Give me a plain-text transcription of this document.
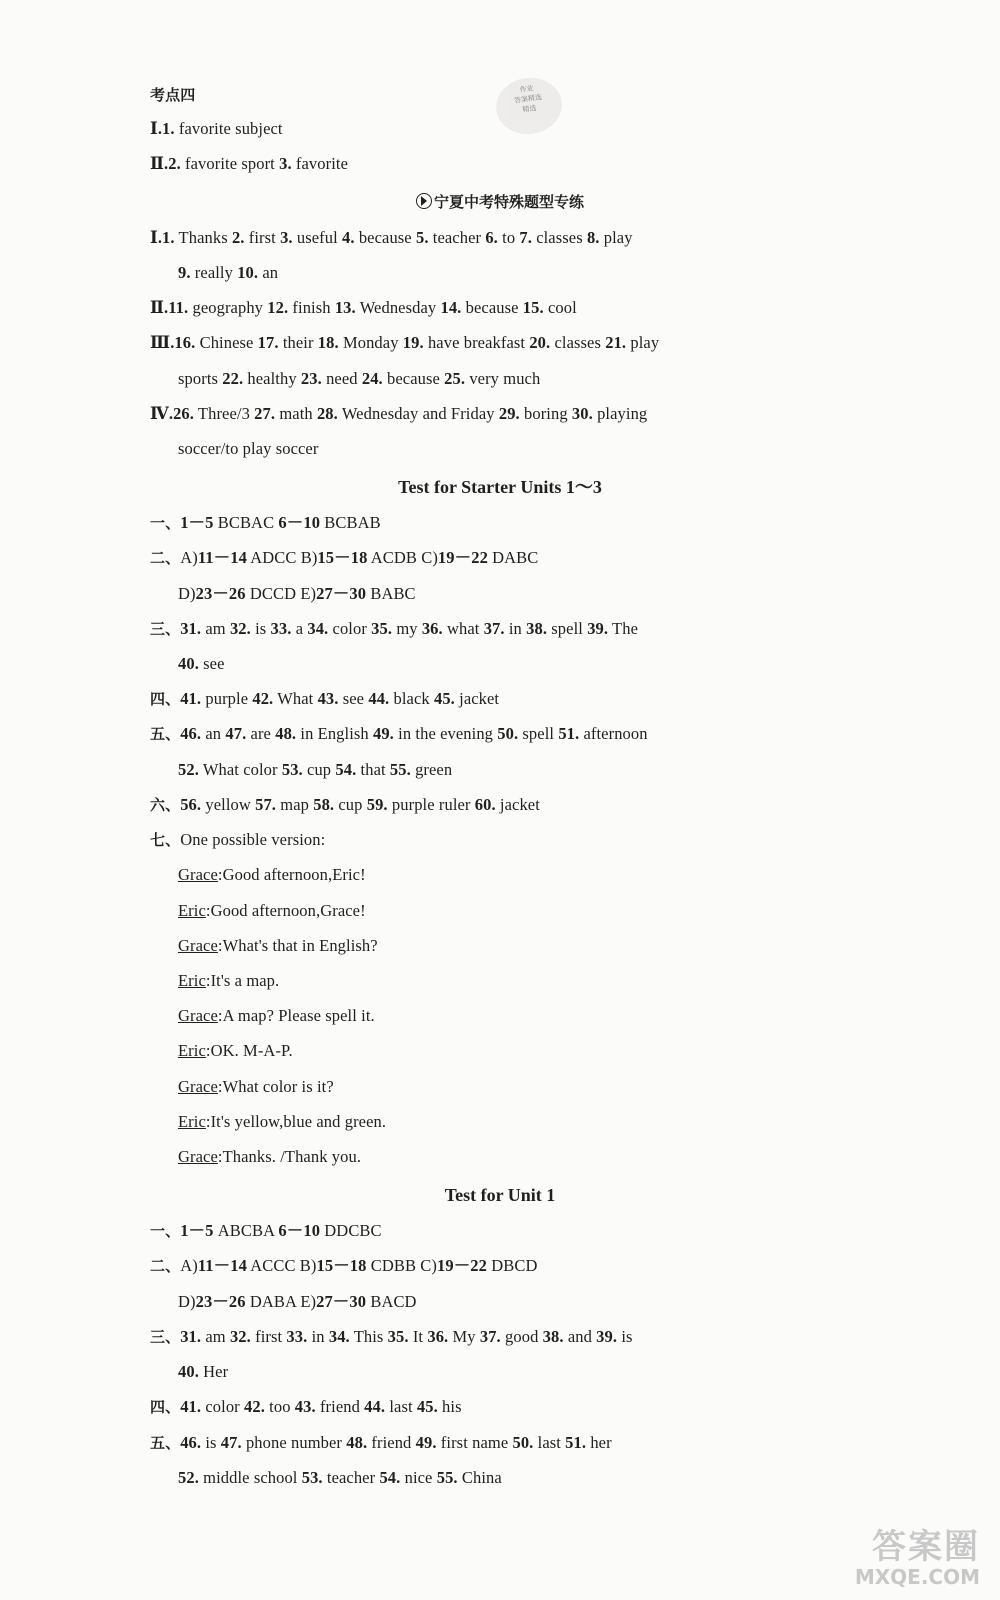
作业
答案精选
精选
考点四
Ⅰ.1. favorite subject
Ⅱ.2. favorite sport 3. favorite
宁夏中考特殊题型专练
Ⅰ.1. Thanks 2. first 3. useful 4. because 5. teacher 6. to 7. classes 8. play
9. really 10. an
Ⅱ.11. geography 12. finish 13. Wednesday 14. because 15. cool
Ⅲ.16. Chinese 17. their 18. Monday 19. have breakfast 20. classes 21. play
sports 22. healthy 23. need 24. because 25. very much
Ⅳ.26. Three/3 27. math 28. Wednesday and Friday 29. boring 30. playing
soccer/to play soccer
Test for Starter Units 1～3
一、1－5 BCBAC 6－10 BCBAB
二、A)11－14 ADCC B)15－18 ACDB C)19－22 DABC
D)23－26 DCCD E)27－30 BABC
三、31. am 32. is 33. a 34. color 35. my 36. what 37. in 38. spell 39. The
40. see
四、41. purple 42. What 43. see 44. black 45. jacket
五、46. an 47. are 48. in English 49. in the evening 50. spell 51. afternoon
52. What color 53. cup 54. that 55. green
六、56. yellow 57. map 58. cup 59. purple ruler 60. jacket
七、One possible version:
Grace:Good afternoon,Eric!
Eric:Good afternoon,Grace!
Grace:What's that in English?
Eric:It's a map.
Grace:A map? Please spell it.
Eric:OK. M-A-P.
Grace:What color is it?
Eric:It's yellow,blue and green.
Grace:Thanks. /Thank you.
Test for Unit 1
一、1－5 ABCBA 6－10 DDCBC
二、A)11－14 ACCC B)15－18 CDBB C)19－22 DBCD
D)23－26 DABA E)27－30 BACD
三、31. am 32. first 33. in 34. This 35. It 36. My 37. good 38. and 39. is
40. Her
四、41. color 42. too 43. friend 44. last 45. his
五、46. is 47. phone number 48. friend 49. first name 50. last 51. her
52. middle school 53. teacher 54. nice 55. China
答案圈
MXQE.COM
